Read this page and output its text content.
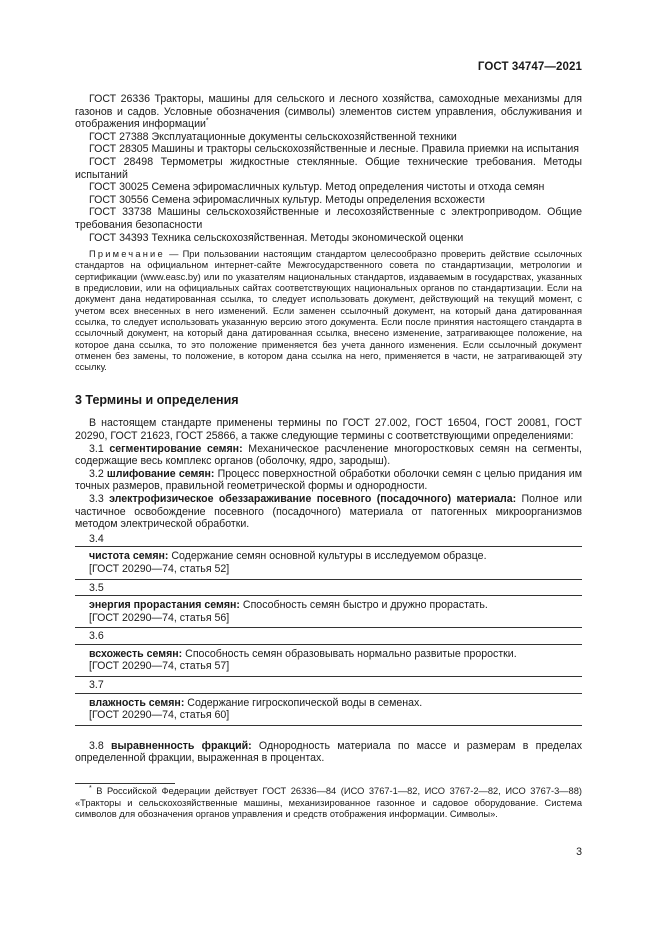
ГОСТ 34747—2021

ГОСТ 26336 Тракторы, машины для сельского и лесного хозяйства, самоходные механизмы для газонов и садов. Условные обозначения (символы) элементов систем управления, обслуживания и отображения информации*

ГОСТ 27388 Эксплуатационные документы сельскохозяйственной техники

ГОСТ 28305 Машины и тракторы сельскохозяйственные и лесные. Правила приемки на испытания

ГОСТ 28498 Термометры жидкостные стеклянные. Общие технические требования. Методы испытаний

ГОСТ 30025 Семена эфиромасличных культур. Метод определения чистоты и отхода семян

ГОСТ 30556 Семена эфиромасличных культур. Методы определения всхожести

ГОСТ 33738 Машины сельскохозяйственные и лесохозяйственные с электроприводом. Общие требования безопасности

ГОСТ 34393 Техника сельскохозяйственная. Методы экономической оценки

Примечание — При пользовании настоящим стандартом целесообразно проверить действие ссылочных стандартов на официальном интернет-сайте Межгосударственного совета по стандартизации, метрологии и сертификации (www.easc.by) или по указателям национальных стандартов, издаваемым в государствах, указанных в предисловии, или на официальных сайтах соответствующих национальных органов по стандартизации. Если на документ дана недатированная ссылка, то следует использовать документ, действующий на текущий момент, с учетом всех внесенных в него изменений. Если заменен ссылочный документ, на который дана датированная ссылка, то следует использовать указанную версию этого документа. Если после принятия настоящего стандарта в ссылочный документ, на который дана датированная ссылка, внесено изменение, затрагивающее положение, на которое дана ссылка, то это положение применяется без учета данного изменения. Если ссылочный документ отменен без замены, то положение, в котором дана ссылка на него, применяется в части, не затрагивающей эту ссылку.

3 Термины и определения

В настоящем стандарте применены термины по ГОСТ 27.002, ГОСТ 16504, ГОСТ 20081, ГОСТ 20290, ГОСТ 21623, ГОСТ 25866, а также следующие термины с соответствующими определениями:

3.1 сегментирование семян: Механическое расчленение многоростковых семян на сегменты, содержащие весь комплекс органов (оболочку, ядро, зародыш).

3.2 шлифование семян: Процесс поверхностной обработки оболочки семян с целью придания им точных размеров, правильной геометрической формы и однородности.

3.3 электрофизическое обеззараживание посевного (посадочного) материала: Полное или частичное освобождение посевного (посадочного) материала от патогенных микроорганизмов методом электрической обработки.

3.4
чистота семян: Содержание семян основной культуры в исследуемом образце.
[ГОСТ 20290—74, статья 52]
3.5
энергия прорастания семян: Способность семян быстро и дружно прорастать.
[ГОСТ 20290—74, статья 56]
3.6
всхожесть семян: Способность семян образовывать нормально развитые проростки.
[ГОСТ 20290—74, статья 57]
3.7
влажность семян: Содержание гигроскопической воды в семенах.
[ГОСТ 20290—74, статья 60]

3.8 выравненность фракций: Однородность материала по массе и размерам в пределах определенной фракции, выраженная в процентах.

* В Российской Федерации действует ГОСТ 26336—84 (ИСО 3767-1—82, ИСО 3767-2—82, ИСО 3767-3—88) «Тракторы и сельскохозяйственные машины, механизированное газонное и садовое оборудование. Система символов для обозначения органов управления и средств отображения информации. Символы».

3
